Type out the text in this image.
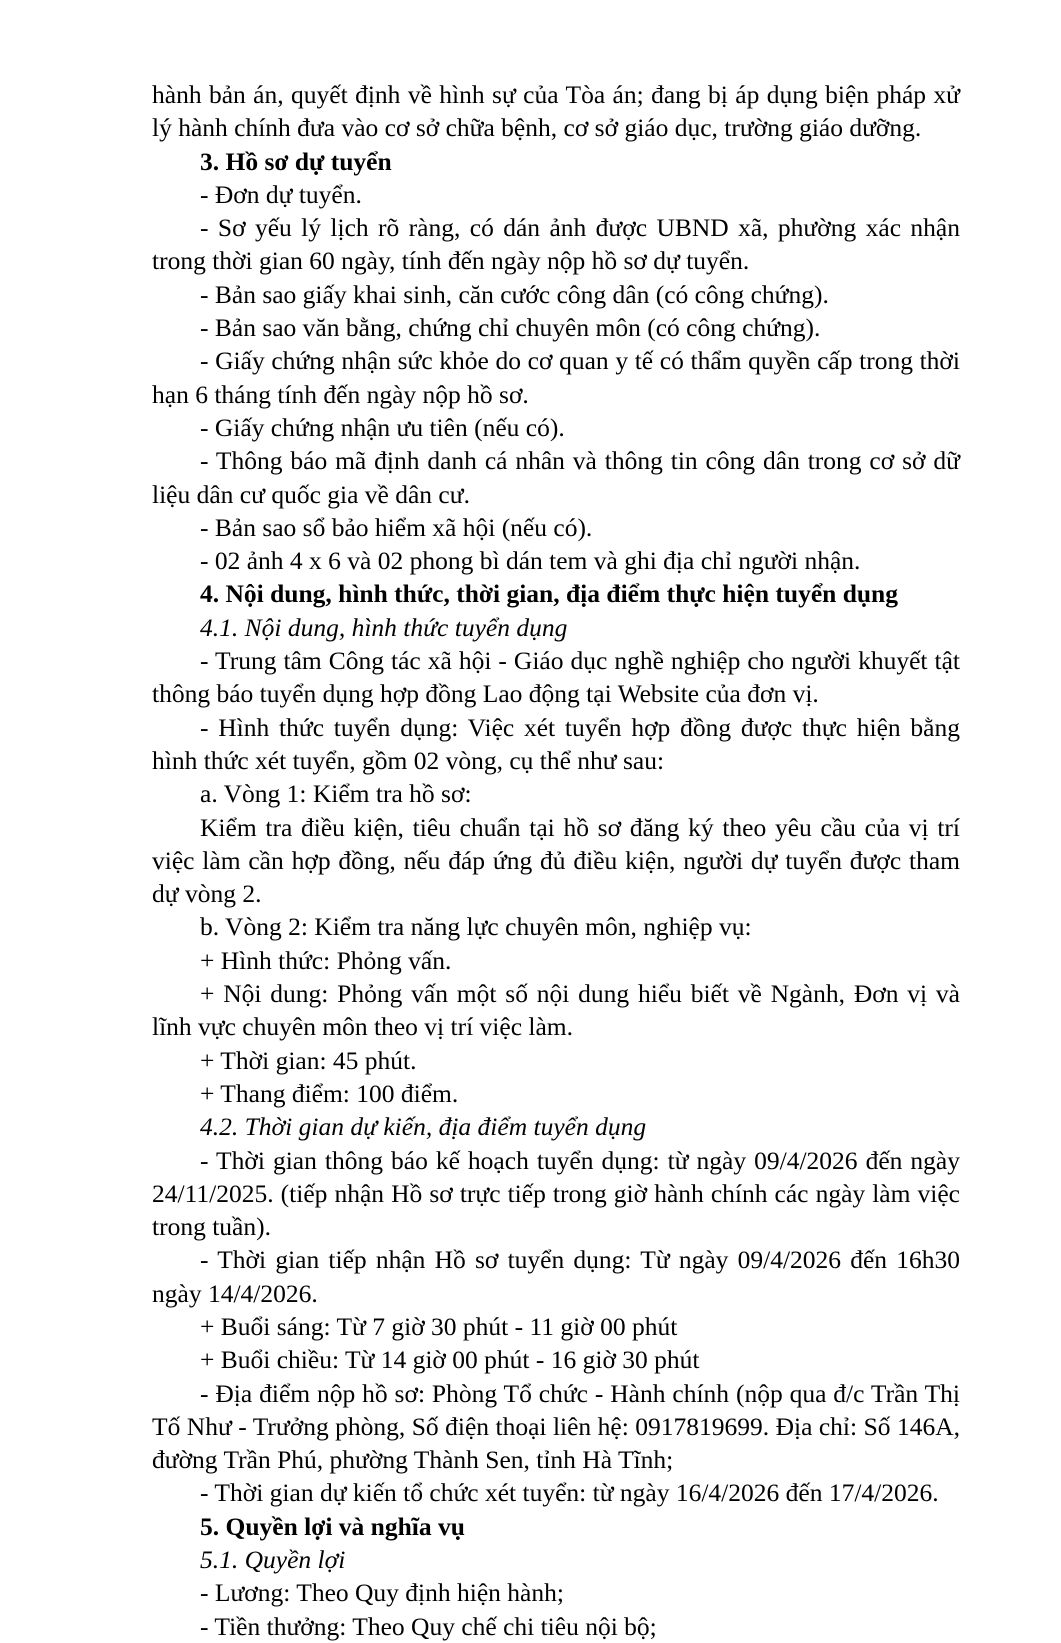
hành bản án, quyết định về hình sự của Tòa án; đang bị áp dụng biện pháp xử lý hành chính đưa vào cơ sở chữa bệnh, cơ sở giáo dục, trường giáo dưỡng.

3. Hồ sơ dự tuyển

- Đơn dự tuyển.

- Sơ yếu lý lịch rõ ràng, có dán ảnh được UBND xã, phường xác nhận trong thời gian 60 ngày, tính đến ngày nộp hồ sơ dự tuyển.

- Bản sao giấy khai sinh, căn cước công dân (có công chứng).

- Bản sao văn bằng, chứng chỉ chuyên môn (có công chứng).

- Giấy chứng nhận sức khỏe do cơ quan y tế có thẩm quyền cấp trong thời hạn 6 tháng tính đến ngày nộp hồ sơ.

- Giấy chứng nhận ưu tiên (nếu có).

- Thông báo mã định danh cá nhân và thông tin công dân trong cơ sở dữ liệu dân cư quốc gia về dân cư.

- Bản sao sổ bảo hiểm xã hội (nếu có).

- 02 ảnh 4 x 6 và 02 phong bì dán tem và ghi địa chỉ người nhận.

4. Nội dung, hình thức, thời gian, địa điểm thực hiện tuyển dụng

4.1. Nội dung, hình thức tuyển dụng

- Trung tâm Công tác xã hội - Giáo dục nghề nghiệp cho người khuyết tật thông báo tuyển dụng hợp đồng Lao động tại Website của đơn vị.

- Hình thức tuyển dụng: Việc xét tuyển hợp đồng được thực hiện bằng hình thức xét tuyển, gồm 02 vòng, cụ thể như sau:

a. Vòng 1: Kiểm tra hồ sơ:

Kiểm tra điều kiện, tiêu chuẩn tại hồ sơ đăng ký theo yêu cầu của vị trí việc làm cần hợp đồng, nếu đáp ứng đủ điều kiện, người dự tuyển được tham dự vòng 2.

b. Vòng 2: Kiểm tra năng lực chuyên môn, nghiệp vụ:

+ Hình thức: Phỏng vấn.

+ Nội dung: Phỏng vấn một số nội dung hiểu biết về Ngành, Đơn vị và lĩnh vực chuyên môn theo vị trí việc làm.

+ Thời gian: 45 phút.

+ Thang điểm: 100 điểm.

4.2. Thời gian dự kiến, địa điểm tuyển dụng

- Thời gian thông báo kế hoạch tuyển dụng: từ ngày 09/4/2026 đến ngày 24/11/2025. (tiếp nhận Hồ sơ trực tiếp trong giờ hành chính các ngày làm việc trong tuần).

- Thời gian tiếp nhận Hồ sơ tuyển dụng: Từ ngày 09/4/2026 đến 16h30 ngày 14/4/2026.

+ Buổi sáng: Từ 7 giờ 30 phút - 11 giờ 00 phút

+ Buổi chiều: Từ 14 giờ 00 phút - 16 giờ 30 phút

- Địa điểm nộp hồ sơ: Phòng Tổ chức - Hành chính (nộp qua đ/c Trần Thị Tố Như - Trưởng phòng, Số điện thoại liên hệ: 0917819699. Địa chỉ: Số 146A, đường Trần Phú, phường Thành Sen, tỉnh Hà Tĩnh;

- Thời gian dự kiến tổ chức xét tuyển: từ ngày 16/4/2026 đến 17/4/2026.

5. Quyền lợi và nghĩa vụ

5.1. Quyền lợi

- Lương: Theo Quy định hiện hành;

- Tiền thưởng: Theo Quy chế chi tiêu nội bộ;
